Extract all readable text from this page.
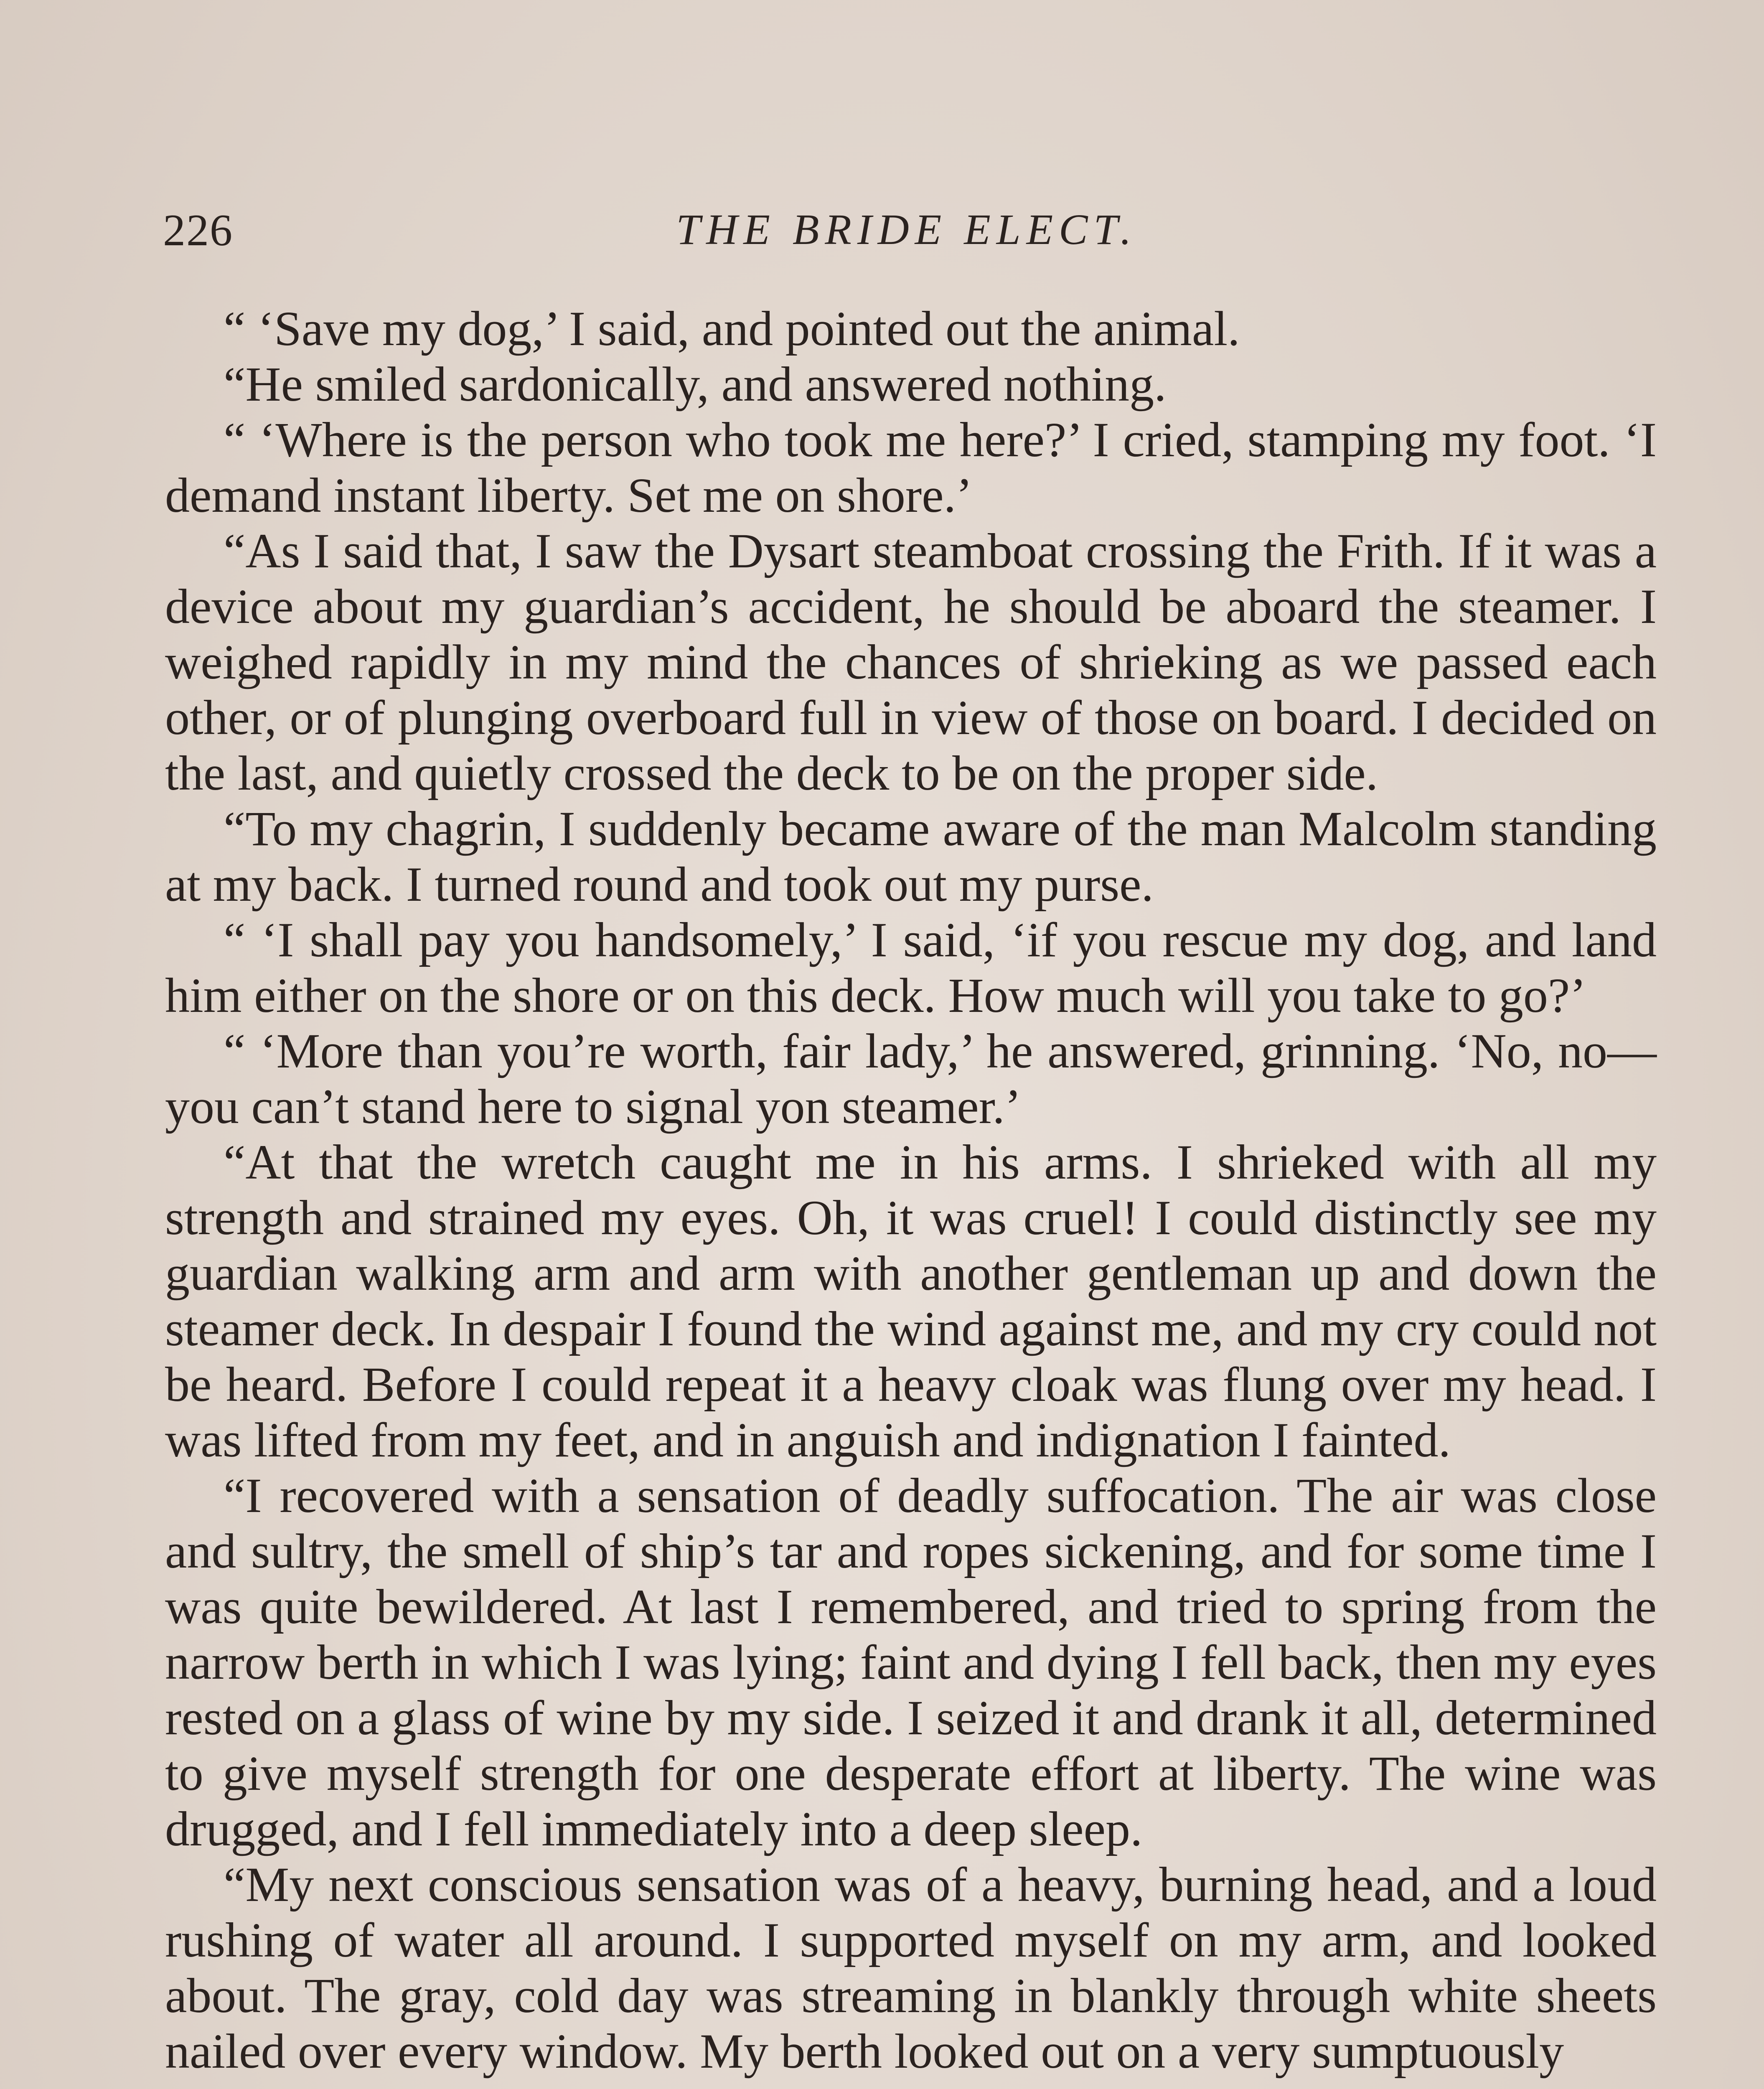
226	THE BRIDE ELECT.

“ ‘Save my dog,’ I said, and pointed out the animal.

“He smiled sardonically, and answered nothing.

“ ‘Where is the person who took me here?’ I cried, stamping my foot. ‘I demand instant liberty. Set me on shore.’

“As I said that, I saw the Dysart steamboat crossing the Frith. If it was a device about my guardian’s accident, he should be aboard the steamer. I weighed rapidly in my mind the chances of shrieking as we passed each other, or of plunging overboard full in view of those on board. I decided on the last, and quietly crossed the deck to be on the proper side.

“To my chagrin, I suddenly became aware of the man Malcolm standing at my back. I turned round and took out my purse.

“ ‘I shall pay you handsomely,’ I said, ‘if you rescue my dog, and land him either on the shore or on this deck. How much will you take to go?’

“ ‘More than you’re worth, fair lady,’ he answered, grinning. ‘No, no—you can’t stand here to signal yon steamer.’

“At that the wretch caught me in his arms. I shrieked with all my strength and strained my eyes. Oh, it was cruel! I could distinctly see my guardian walking arm and arm with another gentleman up and down the steamer deck. In despair I found the wind against me, and my cry could not be heard. Before I could repeat it a heavy cloak was flung over my head. I was lifted from my feet, and in anguish and indignation I fainted.

“I recovered with a sensation of deadly suffocation. The air was close and sultry, the smell of ship’s tar and ropes sickening, and for some time I was quite bewildered. At last I remembered, and tried to spring from the narrow berth in which I was lying; faint and dying I fell back, then my eyes rested on a glass of wine by my side. I seized it and drank it all, determined to give myself strength for one desperate effort at liberty. The wine was drugged, and I fell immediately into a deep sleep.

“My next conscious sensation was of a heavy, burning head, and a loud rushing of water all around. I supported myself on my arm, and looked about. The gray, cold day was streaming in blankly through white sheets nailed over every window. My berth looked out on a very sumptuously
